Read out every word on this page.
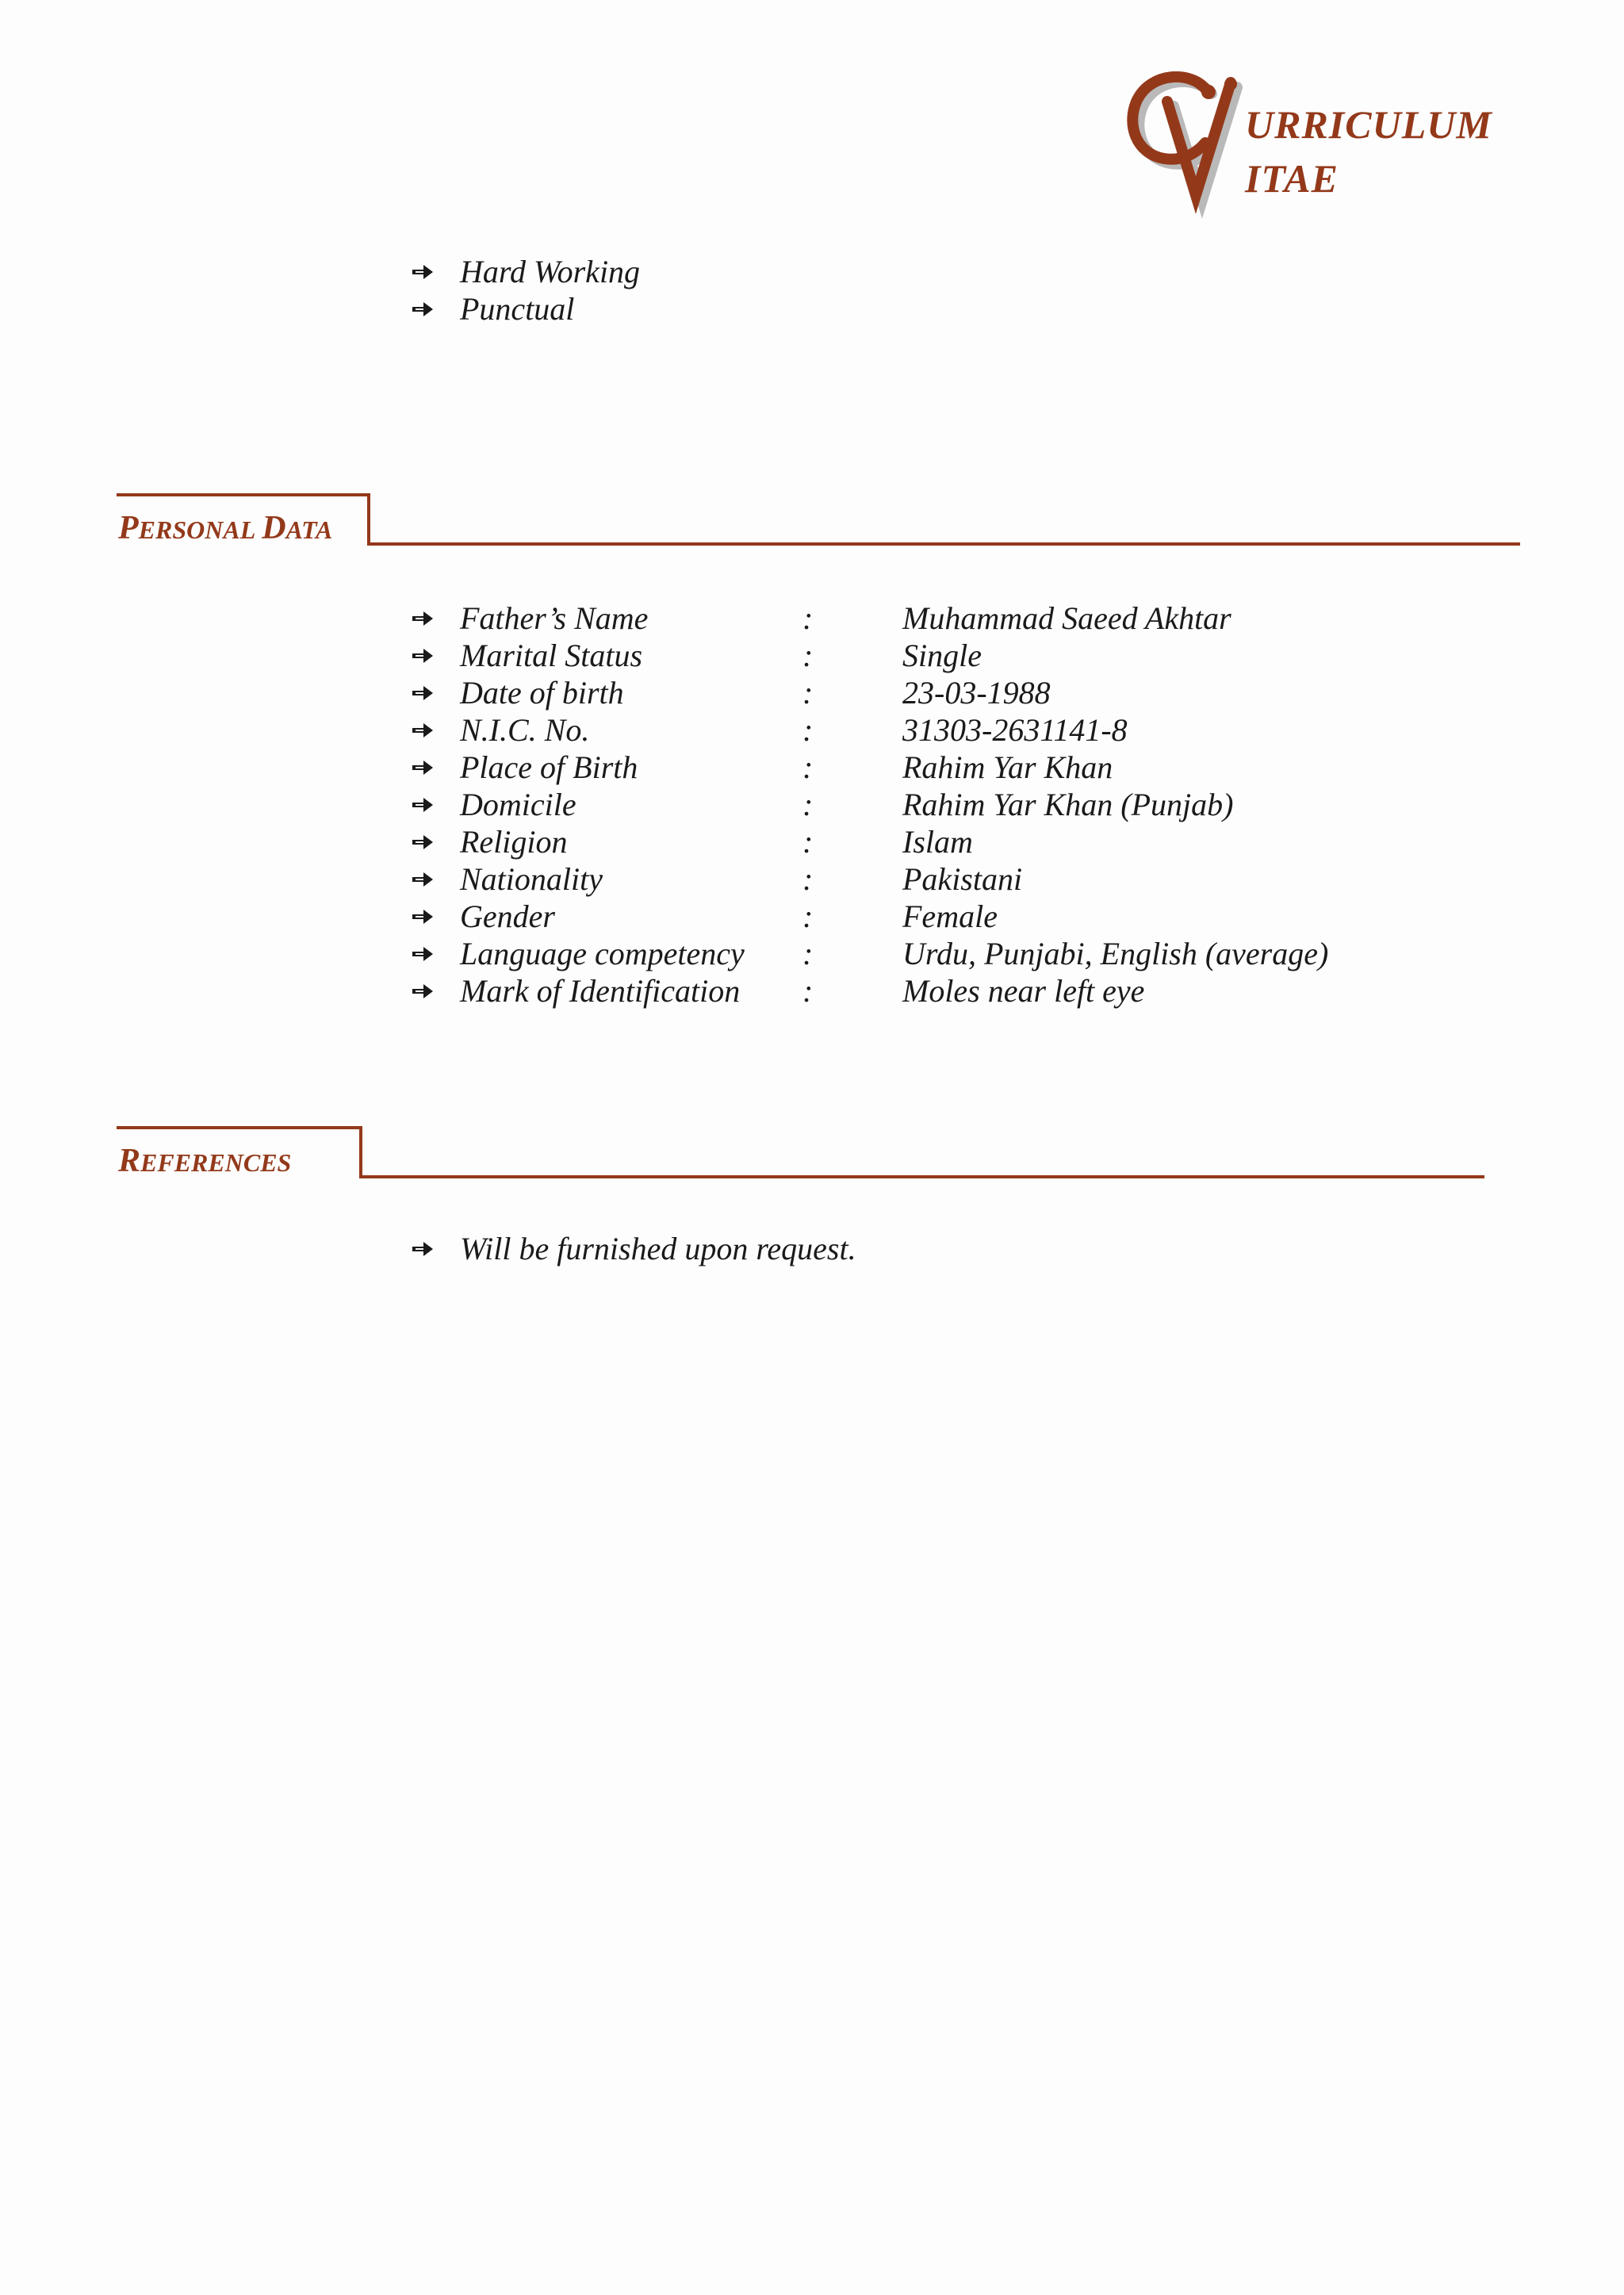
URRICULUM
ITAE
Hard Working
Punctual
PERSONAL DATA
Father’s Name	:	Muhammad Saeed Akhtar
Marital Status	:	Single
Date of birth	:	23-03-1988
N.I.C. No.	:	31303-2631141-8
Place of Birth	:	Rahim Yar Khan
Domicile	:	Rahim Yar Khan (Punjab)
Religion	:	Islam
Nationality	:	Pakistani
Gender	:	Female
Language competency :	Urdu, Punjabi, English (average)
Mark of Identification :	Moles near left eye
REFERENCES
Will be furnished upon request.
